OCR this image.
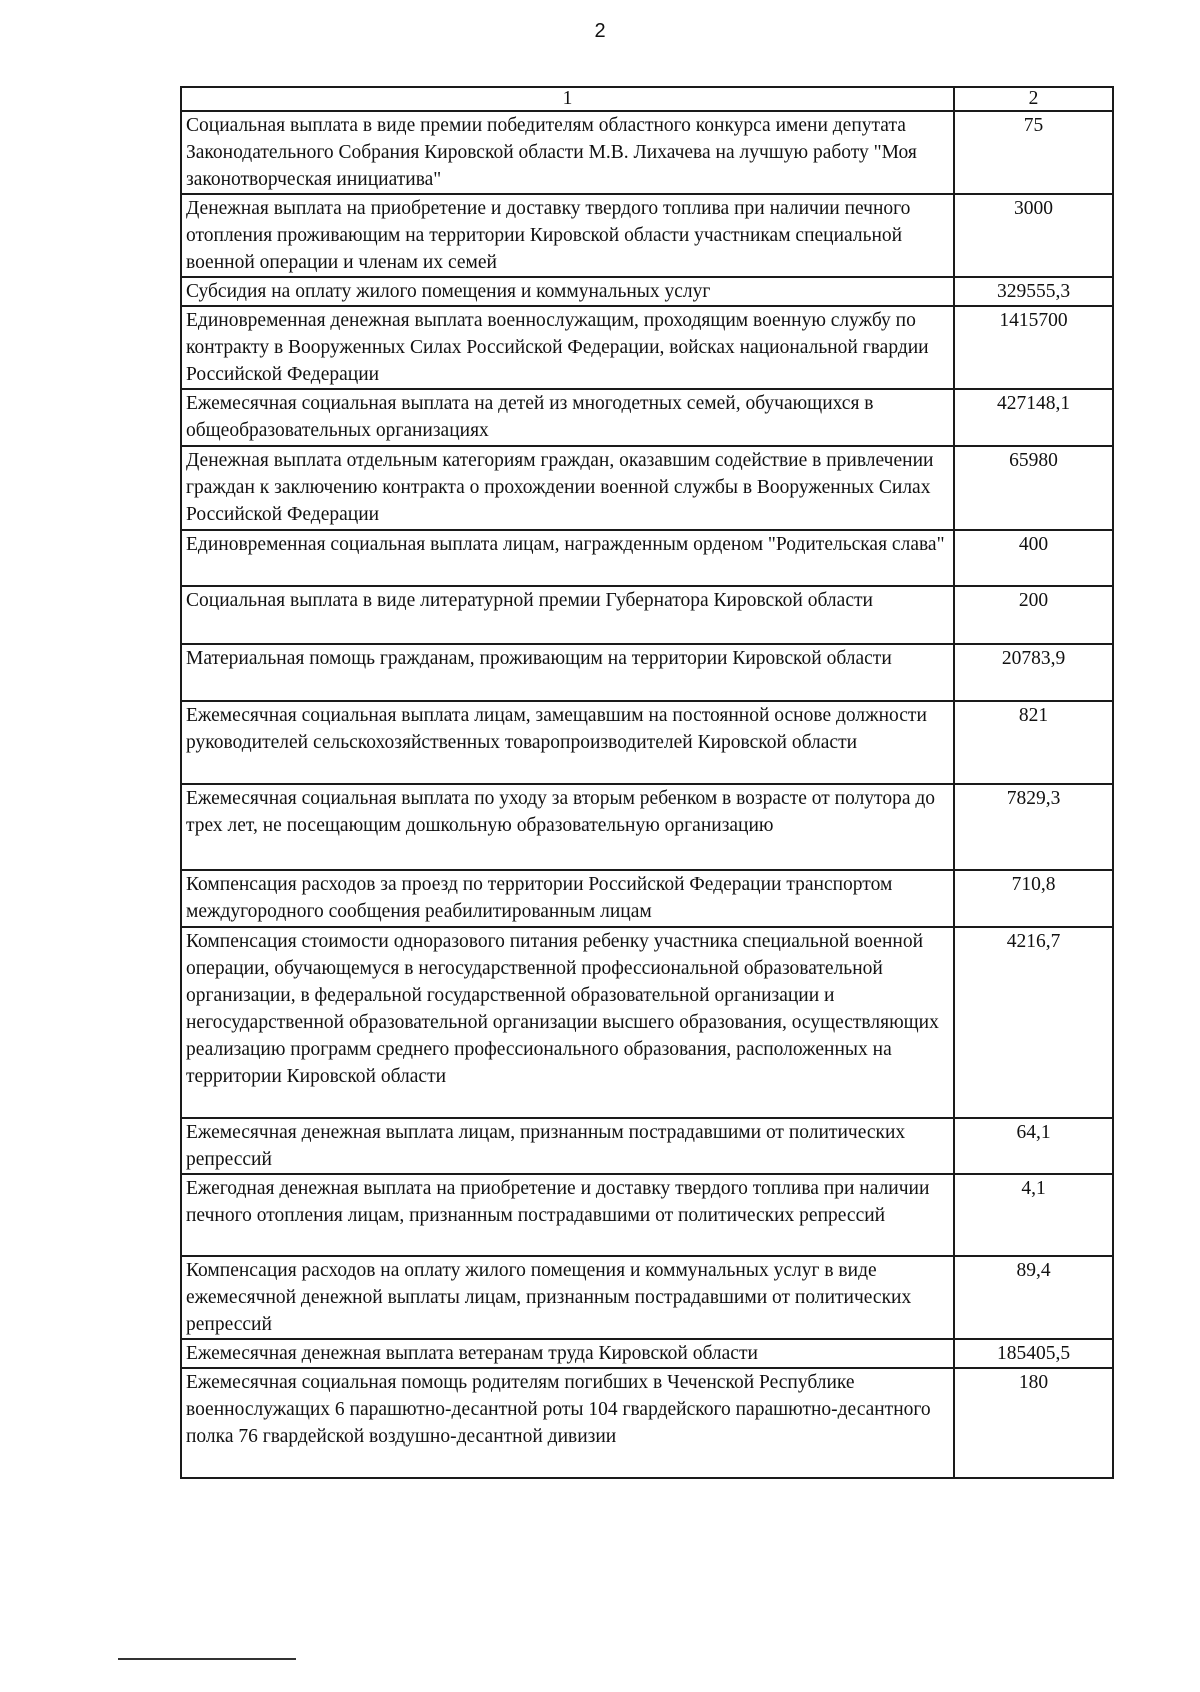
2
1	2
Социальная выплата в виде премии победителям областного конкурса имени депутата Законодательного Собрания Кировской области М.В. Лихачева на лучшую работу "Моя законотворческая инициатива"	75
Денежная выплата на приобретение и доставку твердого топлива при наличии печного отопления проживающим на территории Кировской области участникам специальной военной операции и членам их семей	3000
Субсидия на оплату жилого помещения и коммунальных услуг	329555,3
Единовременная денежная выплата военнослужащим, проходящим военную службу по контракту в Вооруженных Силах Российской Федерации, войсках национальной гвардии Российской Федерации	1415700
Ежемесячная социальная выплата на детей из многодетных семей, обучающихся в общеобразовательных организациях	427148,1
Денежная выплата отдельным категориям граждан, оказавшим содействие в привлечении граждан к заключению контракта о прохождении военной службы в Вооруженных Силах Российской Федерации	65980
Единовременная социальная выплата лицам, награжденным орденом "Родительская слава"	400
Социальная выплата в виде литературной премии Губернатора Кировской области	200
Материальная помощь гражданам, проживающим на территории Кировской области	20783,9
Ежемесячная социальная выплата лицам, замещавшим на постоянной основе должности руководителей сельскохозяйственных товаропроизводителей Кировской области	821
Ежемесячная социальная выплата по уходу за вторым ребенком в возрасте от полутора до трех лет, не посещающим дошкольную образовательную организацию	7829,3
Компенсация расходов за проезд по территории Российской Федерации транспортом междугородного сообщения реабилитированным лицам	710,8
Компенсация стоимости одноразового питания ребенку участника специальной военной операции, обучающемуся в негосударственной профессиональной образовательной организации, в федеральной государственной образовательной организации и негосударственной образовательной организации высшего образования, осуществляющих реализацию программ среднего профессионального образования, расположенных на территории Кировской области	4216,7
Ежемесячная денежная выплата лицам, признанным пострадавшими от политических репрессий	64,1
Ежегодная денежная выплата на приобретение и доставку твердого топлива при наличии печного отопления лицам, признанным пострадавшими от политических репрессий	4,1
Компенсация расходов на оплату жилого помещения и коммунальных услуг в виде ежемесячной денежной выплаты лицам, признанным пострадавшими от политических репрессий	89,4
Ежемесячная денежная выплата ветеранам труда Кировской области	185405,5
Ежемесячная социальная помощь родителям погибших в Чеченской Республике военнослужащих 6 парашютно-десантной роты 104 гвардейского парашютно-десантного полка 76 гвардейской воздушно-десантной дивизии	180
